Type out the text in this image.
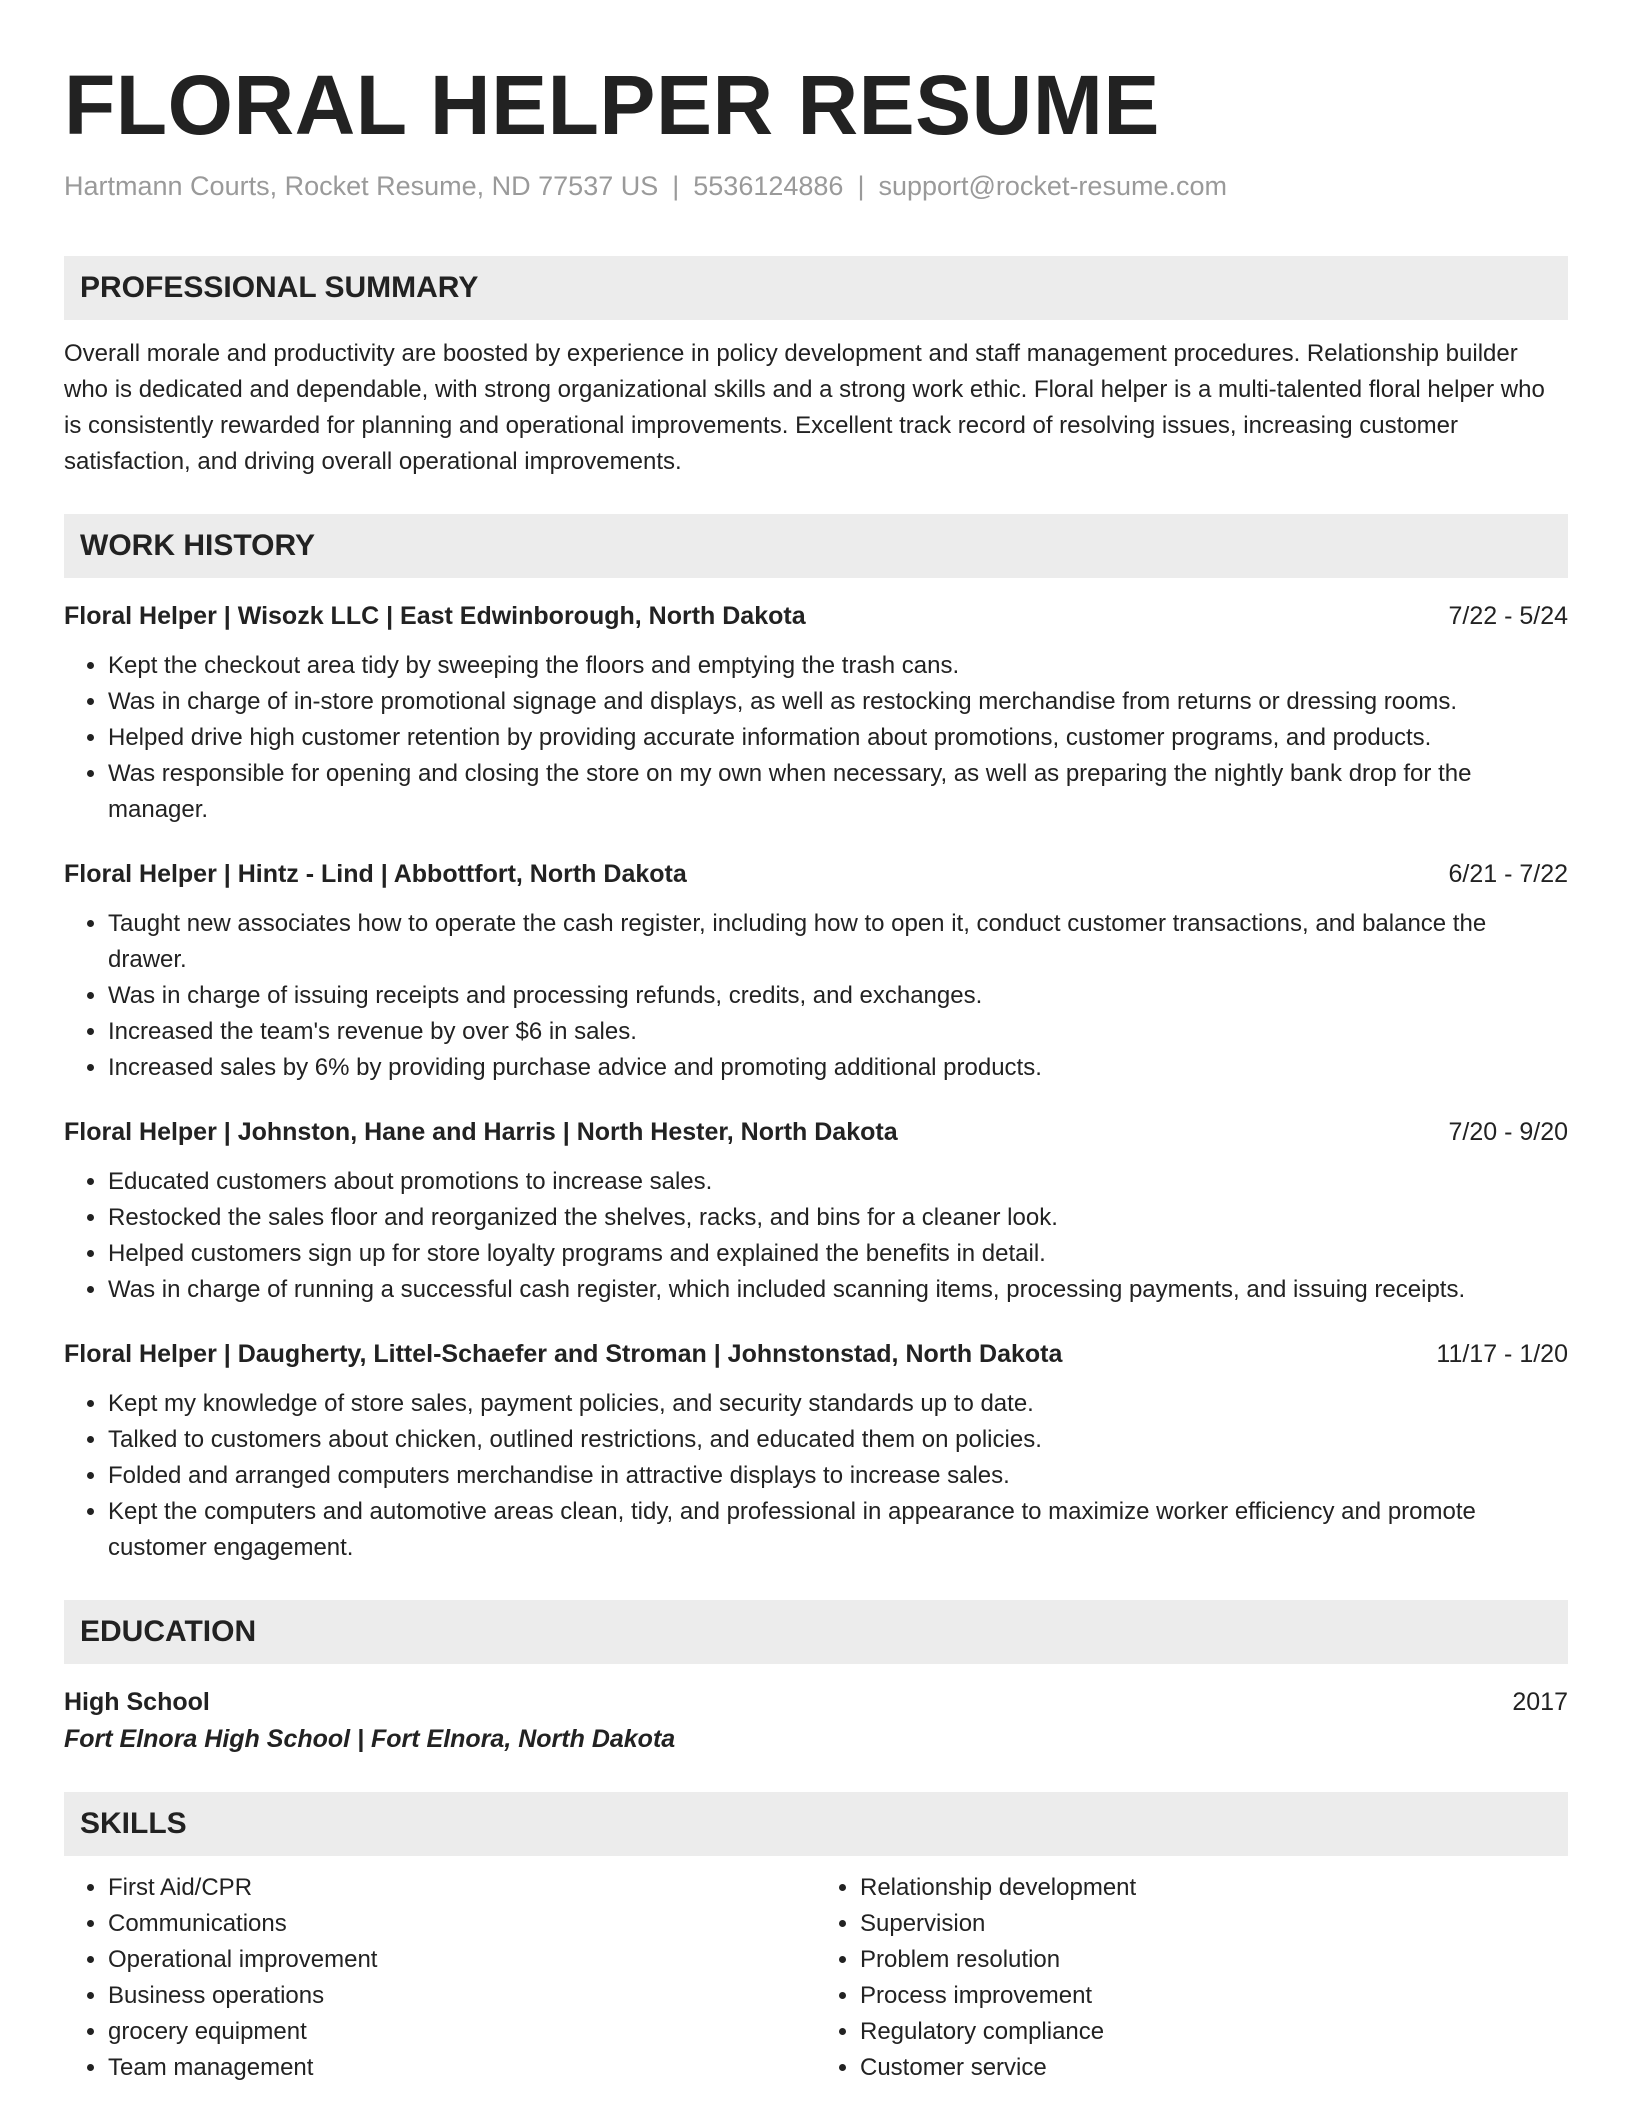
FLORAL HELPER RESUME
Hartmann Courts, Rocket Resume, ND 77537 US | 5536124886 | support@rocket-resume.com
PROFESSIONAL SUMMARY
Overall morale and productivity are boosted by experience in policy development and staff management procedures. Relationship builder who is dedicated and dependable, with strong organizational skills and a strong work ethic. Floral helper is a multi-talented floral helper who is consistently rewarded for planning and operational improvements. Excellent track record of resolving issues, increasing customer satisfaction, and driving overall operational improvements.
WORK HISTORY
Floral Helper | Wisozk LLC | East Edwinborough, North Dakota	7/22 - 5/24
• Kept the checkout area tidy by sweeping the floors and emptying the trash cans.
• Was in charge of in-store promotional signage and displays, as well as restocking merchandise from returns or dressing rooms.
• Helped drive high customer retention by providing accurate information about promotions, customer programs, and products.
• Was responsible for opening and closing the store on my own when necessary, as well as preparing the nightly bank drop for the manager.
Floral Helper | Hintz - Lind | Abbottfort, North Dakota	6/21 - 7/22
• Taught new associates how to operate the cash register, including how to open it, conduct customer transactions, and balance the drawer.
• Was in charge of issuing receipts and processing refunds, credits, and exchanges.
• Increased the team's revenue by over $6 in sales.
• Increased sales by 6% by providing purchase advice and promoting additional products.
Floral Helper | Johnston, Hane and Harris | North Hester, North Dakota	7/20 - 9/20
• Educated customers about promotions to increase sales.
• Restocked the sales floor and reorganized the shelves, racks, and bins for a cleaner look.
• Helped customers sign up for store loyalty programs and explained the benefits in detail.
• Was in charge of running a successful cash register, which included scanning items, processing payments, and issuing receipts.
Floral Helper | Daugherty, Littel-Schaefer and Stroman | Johnstonstad, North Dakota	11/17 - 1/20
• Kept my knowledge of store sales, payment policies, and security standards up to date.
• Talked to customers about chicken, outlined restrictions, and educated them on policies.
• Folded and arranged computers merchandise in attractive displays to increase sales.
• Kept the computers and automotive areas clean, tidy, and professional in appearance to maximize worker efficiency and promote customer engagement.
EDUCATION
High School	2017
Fort Elnora High School | Fort Elnora, North Dakota
SKILLS
• First Aid/CPR
• Communications
• Operational improvement
• Business operations
• grocery equipment
• Team management
• Relationship development
• Supervision
• Problem resolution
• Process improvement
• Regulatory compliance
• Customer service
